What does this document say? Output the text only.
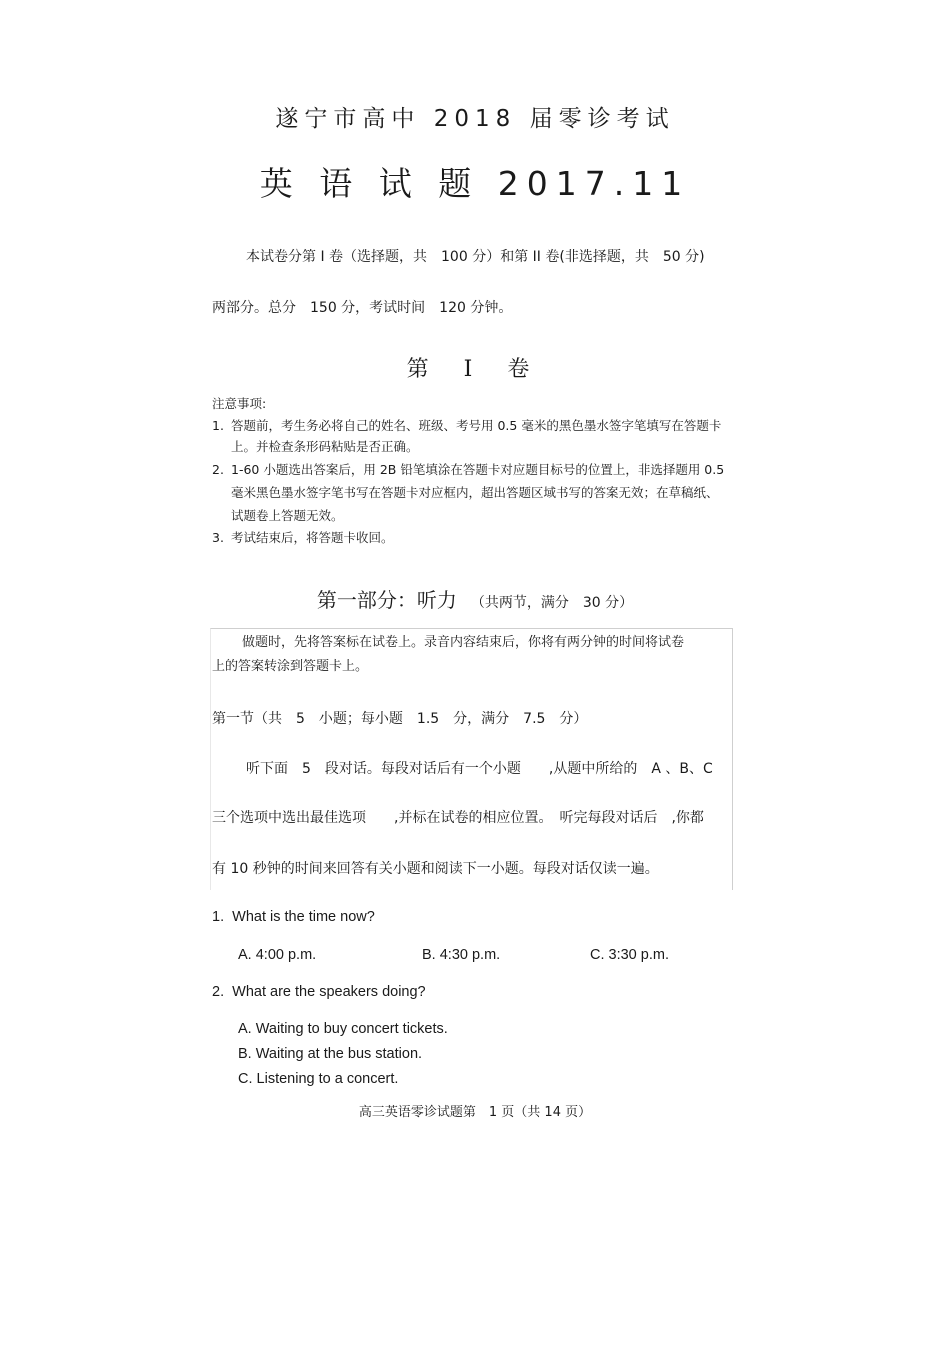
遂宁市高中 2018 届零诊考试
英 语 试 题 2017.11
本试卷分第 I 卷（选择题，共　100 分）和第 II 卷(非选择题，共　50 分)
两部分。总分　150 分，考试时间　120 分钟。
第 I 卷
注意事项:
1. 答题前，考生务必将自己的姓名、班级、考号用 0.5 毫米的黑色墨水签字笔填写在答题卡
上。并检查条形码粘贴是否正确。
2. 1-60 小题选出答案后，用 2B 铅笔填涂在答题卡对应题目标号的位置上，非选择题用 0.5
毫米黑色墨水签字笔书写在答题卡对应框内，超出答题区域书写的答案无效；在草稿纸、
试题卷上答题无效。
3. 考试结束后，将答题卡收回。
第一部分：听力 （共两节，满分　30 分）
做题时，先将答案标在试卷上。录音内容结束后，你将有两分钟的时间将试卷
上的答案转涂到答题卡上。
第一节（共　5　小题；每小题　1.5　分，满分　7.5　分）
听下面　5　段对话。每段对话后有一个小题　　,从题中所给的　A 、B、C
三个选项中选出最佳选项　　,并标在试卷的相应位置。　听完每段对话后　,你都
有 10 秒钟的时间来回答有关小题和阅读下一小题。每段对话仅读一遍。
1. What is the time now?
A. 4:00 p.m.	B. 4:30 p.m.	C. 3:30 p.m.
2. What are the speakers doing?
A. Waiting to buy concert tickets.
B. Waiting at the bus station.
C. Listening to a concert.
高三英语零诊试题第　1 页（共 14 页）
